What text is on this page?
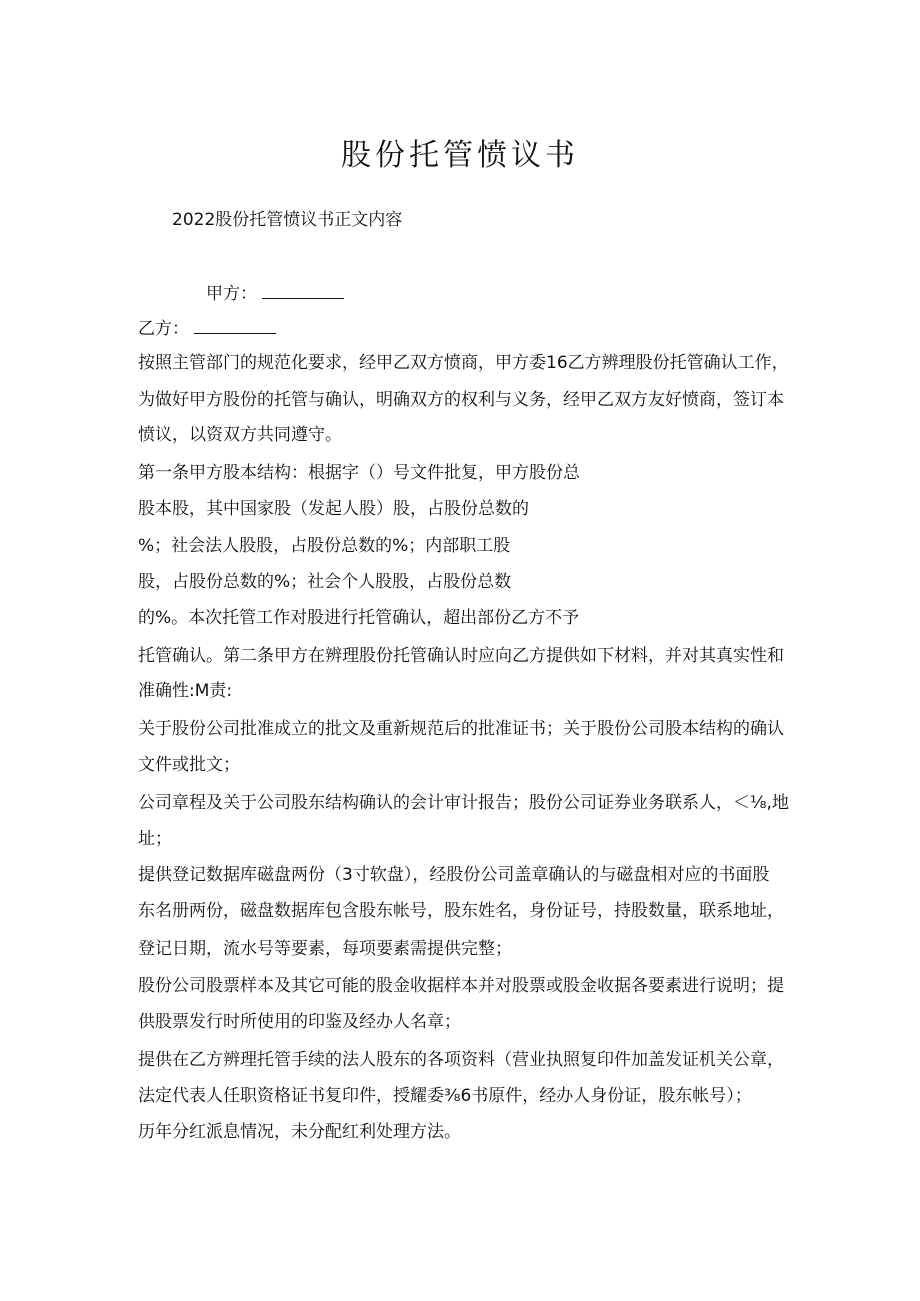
股份托管愤议书
2022股份托管愤议书正文内容
甲方：
乙方：
按照主管部门的规范化要求，经甲乙双方愤商，甲方委16乙方辨理股份托管确认工作，
为做好甲方股份的托管与确认，明确双方的权利与义务，经甲乙双方友好愤商，签订本
愤议，以资双方共同遵守。
第一条甲方股本结构：根据字（）号文件批复，甲方股份总
股本股，其中国家股（发起人股）股，占股份总数的
%；社会法人股股，占股份总数的%；内部职工股
股，占股份总数的%；社会个人股股，占股份总数
的%。本次托管工作对股进行托管确认，超出部份乙方不予
托管确认。第二条甲方在辨理股份托管确认时应向乙方提供如下材料，并对其真实性和
准确性:M责:
关于股份公司批准成立的批文及重新规范后的批准证书；关于股份公司股本结构的确认
文件或批文；
公司章程及关于公司股东结构确认的会计审计报告；股份公司证券业务联系人，＜⅛,地
址；
提供登记数据库磁盘两份（3寸软盘），经股份公司盖章确认的与磁盘相对应的书面股
东名册两份，磁盘数据库包含股东帐号，股东姓名，身份证号，持股数量，联系地址，
登记日期，流水号等要素，每项要素需提供完整；
股份公司股票样本及其它可能的股金收据样本并对股票或股金收据各要素进行说明；提
供股票发行时所使用的印鉴及经办人名章；
提供在乙方辨理托管手续的法人股东的各项资料（营业执照复印件加盖发证机关公章，
法定代表人任职资格证书复印件，授耀委⅜6书原件，经办人身份证，股东帐号）；
历年分红派息情况，未分配红利处理方法。
